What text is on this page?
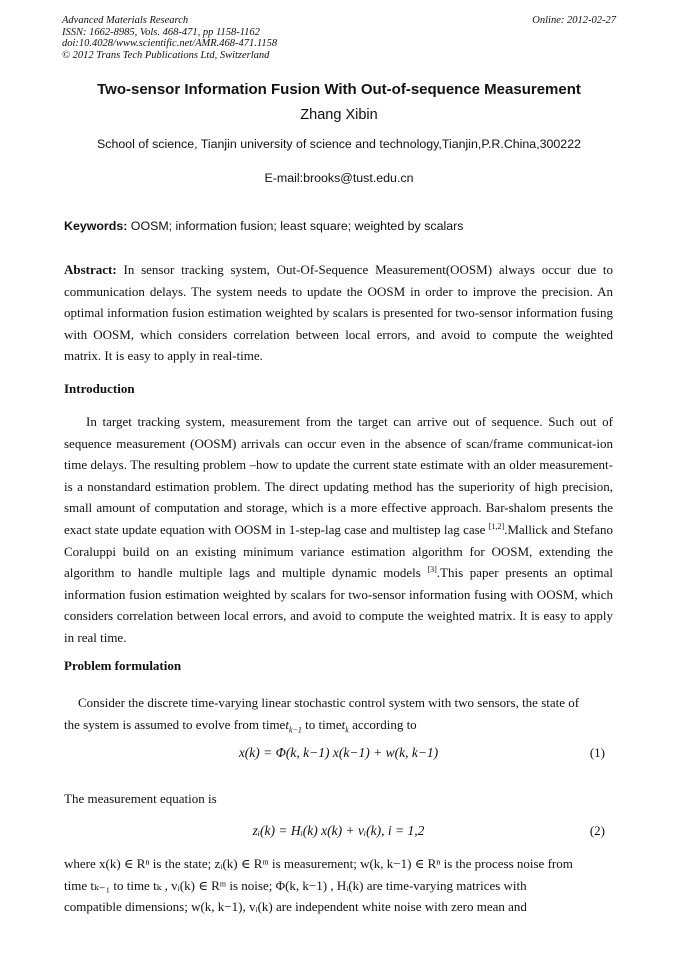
Advanced Materials Research
ISSN: 1662-8985, Vols. 468-471, pp 1158-1162
doi:10.4028/www.scientific.net/AMR.468-471.1158
© 2012 Trans Tech Publications Ltd, Switzerland
Online: 2012-02-27
Two-sensor Information Fusion With Out-of-sequence Measurement
Zhang Xibin
School of science, Tianjin university of science and technology,Tianjin,P.R.China,300222
E-mail:brooks@tust.edu.cn
Keywords: OOSM; information fusion; least square; weighted by scalars
Abstract: In sensor tracking system, Out-Of-Sequence Measurement(OOSM) always occur due to communication delays. The system needs to update the OOSM in order to improve the precision. An optimal information fusion estimation weighted by scalars is presented for two-sensor information fusing with OOSM, which considers correlation between local errors, and avoid to compute the weighted matrix. It is easy to apply in real-time.
Introduction
In target tracking system, measurement from the target can arrive out of sequence. Such out of sequence measurement (OOSM) arrivals can occur even in the absence of scan/frame communicat-ion time delays. The resulting problem –how to update the current state estimate with an older measurement-is a nonstandard estimation problem. The direct updating method has the superiority of high precision, small amount of computation and storage, which is a more effective approach. Bar-shalom presents the exact state update equation with OOSM in 1-step-lag case and multistep lag case [1,2].Mallick and Stefano Coraluppi build on an existing minimum variance estimation algorithm for OOSM, extending the algorithm to handle multiple lags and multiple dynamic models [3].This paper presents an optimal information fusion estimation weighted by scalars for two-sensor information fusing with OOSM, which considers correlation between local errors, and avoid to compute the weighted matrix. It is easy to apply in real time.
Problem formulation
Consider the discrete time-varying linear stochastic control system with two sensors, the state of
the system is assumed to evolve from timet$_{k-1}$ to timet$_k$ according to
x(k) = Φ(k, k−1) x(k−1) + w(k, k−1)	(1)
The measurement equation is
zᵢ(k) = Hᵢ(k) x(k) + vᵢ(k), i = 1,2	(2)
where x(k) ∈ Rⁿ is the state; zᵢ(k) ∈ Rᵐ is measurement; w(k, k−1) ∈ Rⁿ is the process noise from
time tₖ₋₁ to time tₖ , vᵢ(k) ∈ Rᵐ is noise; Φ(k, k−1) , Hᵢ(k) are time-varying matrices with
compatible dimensions; w(k, k−1), vᵢ(k) are independent white noise with zero mean and
